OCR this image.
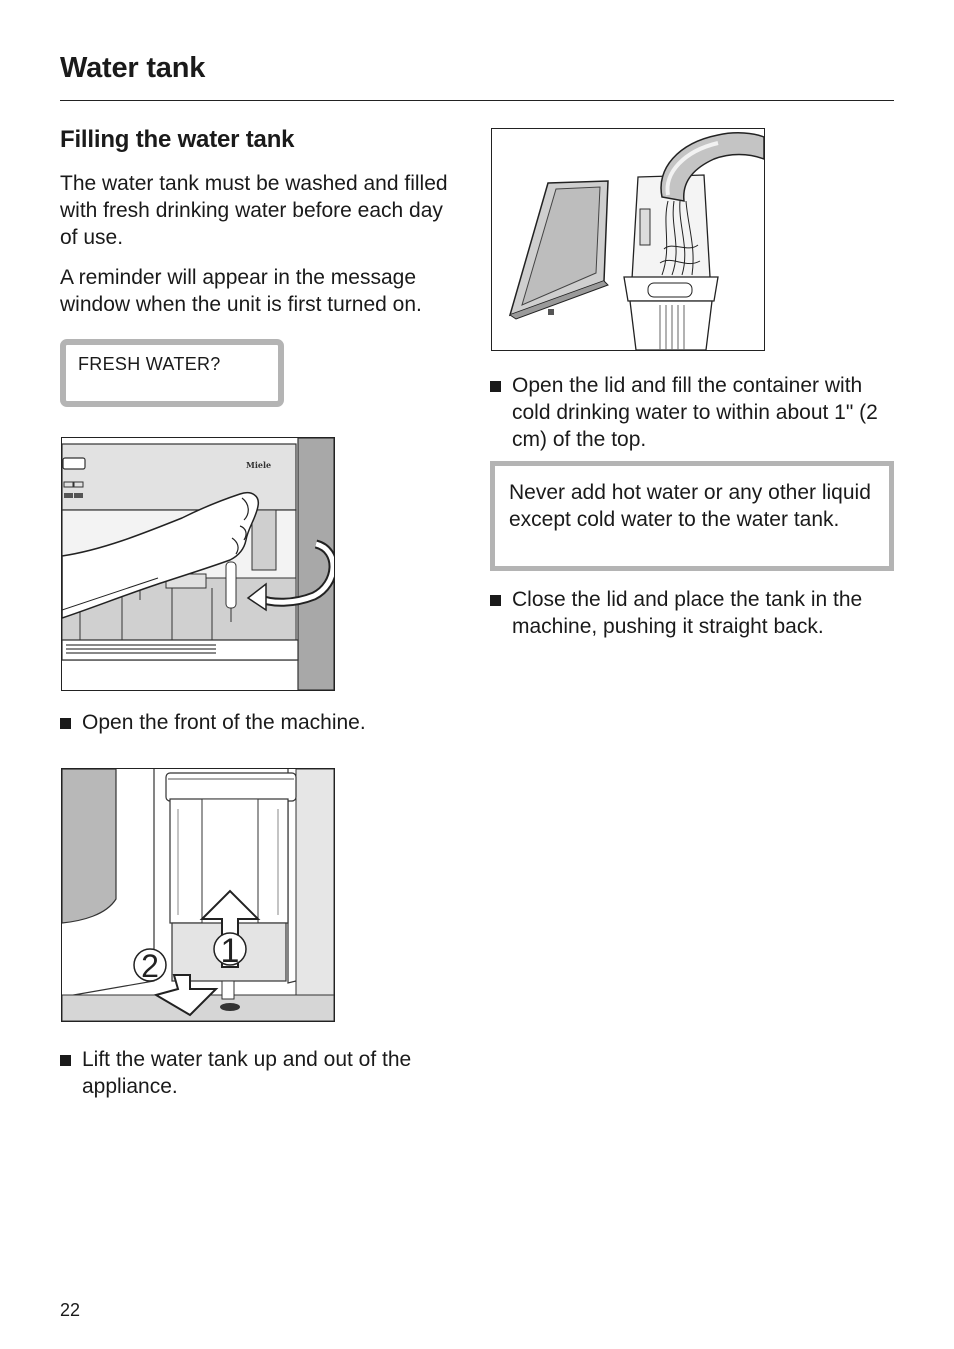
Water tank
Filling the water tank

The water tank must be washed and filled with fresh drinking water before each day of use.

A reminder will appear in the message window when the unit is first turned on.

FRESH WATER?
Miele
Open the front of the machine.
1
2
Lift the water tank up and out of the appliance.
Open the lid and fill the container with cold drinking water to within about 1" (2 cm) of the top.

Never add hot water or any other liquid except cold water to the water tank.

Close the lid and place the tank in the machine, pushing it straight back.
22
